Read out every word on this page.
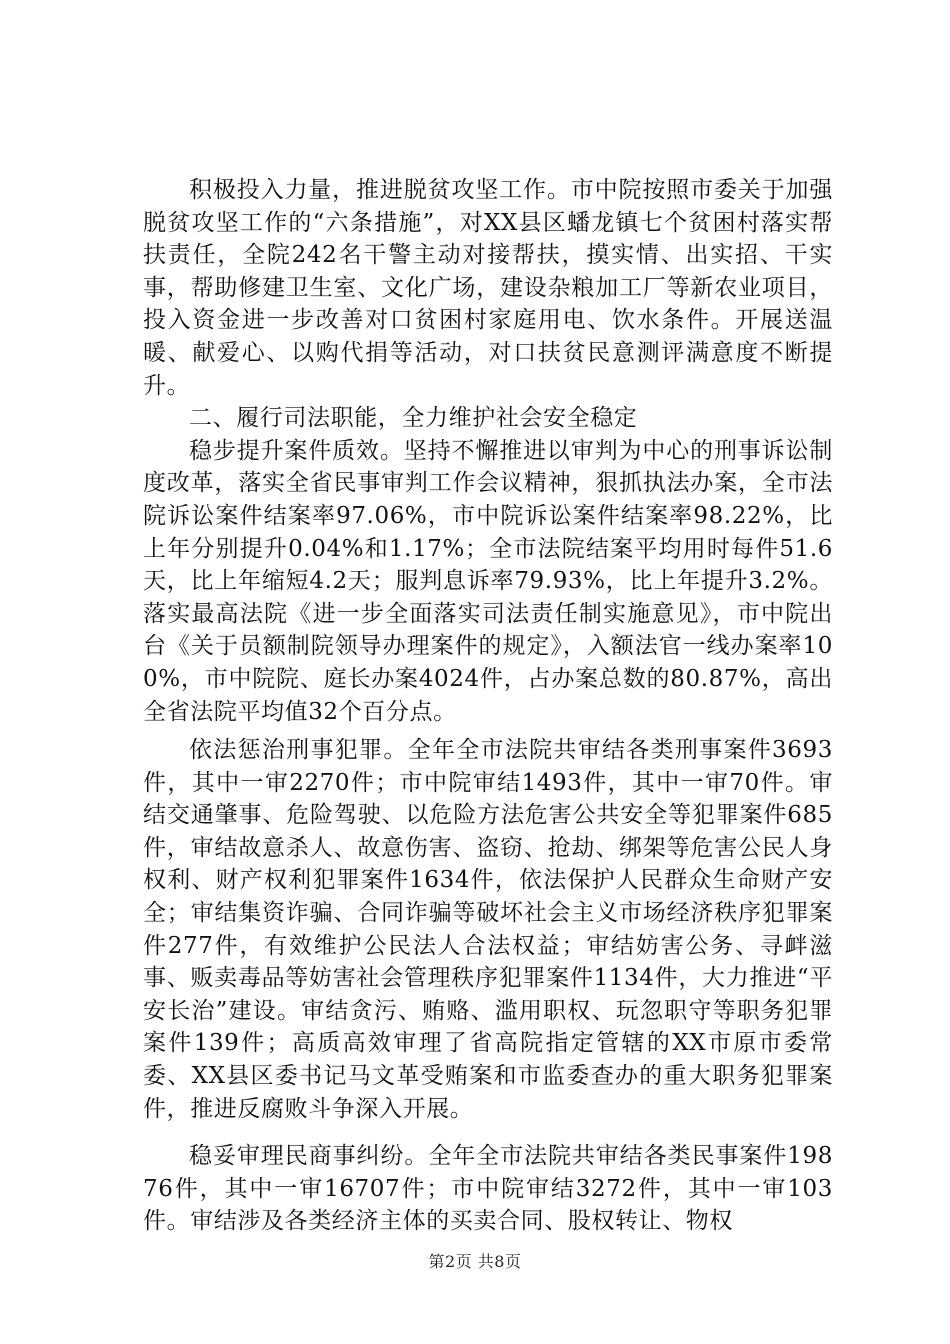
积极投入力量，推进脱贫攻坚工作。市中院按照市委关于加强脱贫攻坚工作的“六条措施”，对XX县区蟠龙镇七个贫困村落实帮扶责任，全院242名干警主动对接帮扶，摸实情、出实招、干实事，帮助修建卫生室、文化广场，建设杂粮加工厂等新农业项目，投入资金进一步改善对口贫困村家庭用电、饮水条件。开展送温暖、献爱心、以购代捐等活动，对口扶贫民意测评满意度不断提升。

二、履行司法职能，全力维护社会安全稳定

稳步提升案件质效。坚持不懈推进以审判为中心的刑事诉讼制度改革，落实全省民事审判工作会议精神，狠抓执法办案，全市法院诉讼案件结案率97.06%，市中院诉讼案件结案率98.22%，比上年分别提升0.04%和1.17%；全市法院结案平均用时每件51.6天，比上年缩短4.2天；服判息诉率79.93%，比上年提升3.2%。落实最高法院《进一步全面落实司法责任制实施意见》，市中院出台《关于员额制院领导办理案件的规定》，入额法官一线办案率100%，市中院院、庭长办案4024件，占办案总数的80.87%，高出全省法院平均值32个百分点。

依法惩治刑事犯罪。全年全市法院共审结各类刑事案件3693件，其中一审2270件；市中院审结1493件，其中一审70件。审结交通肇事、危险驾驶、以危险方法危害公共安全等犯罪案件685件，审结故意杀人、故意伤害、盗窃、抢劫、绑架等危害公民人身权利、财产权利犯罪案件1634件，依法保护人民群众生命财产安全；审结集资诈骗、合同诈骗等破坏社会主义市场经济秩序犯罪案件277件，有效维护公民法人合法权益；审结妨害公务、寻衅滋事、贩卖毒品等妨害社会管理秩序犯罪案件1134件，大力推进“平安长治”建设。审结贪污、贿赂、滥用职权、玩忽职守等职务犯罪案件139件；高质高效审理了省高院指定管辖的XX市原市委常委、XX县区委书记马文革受贿案和市监委查办的重大职务犯罪案件，推进反腐败斗争深入开展。

稳妥审理民商事纠纷。全年全市法院共审结各类民事案件19876件，其中一审16707件；市中院审结3272件，其中一审103件。审结涉及各类经济主体的买卖合同、股权转让、物权

第2页 共8页
